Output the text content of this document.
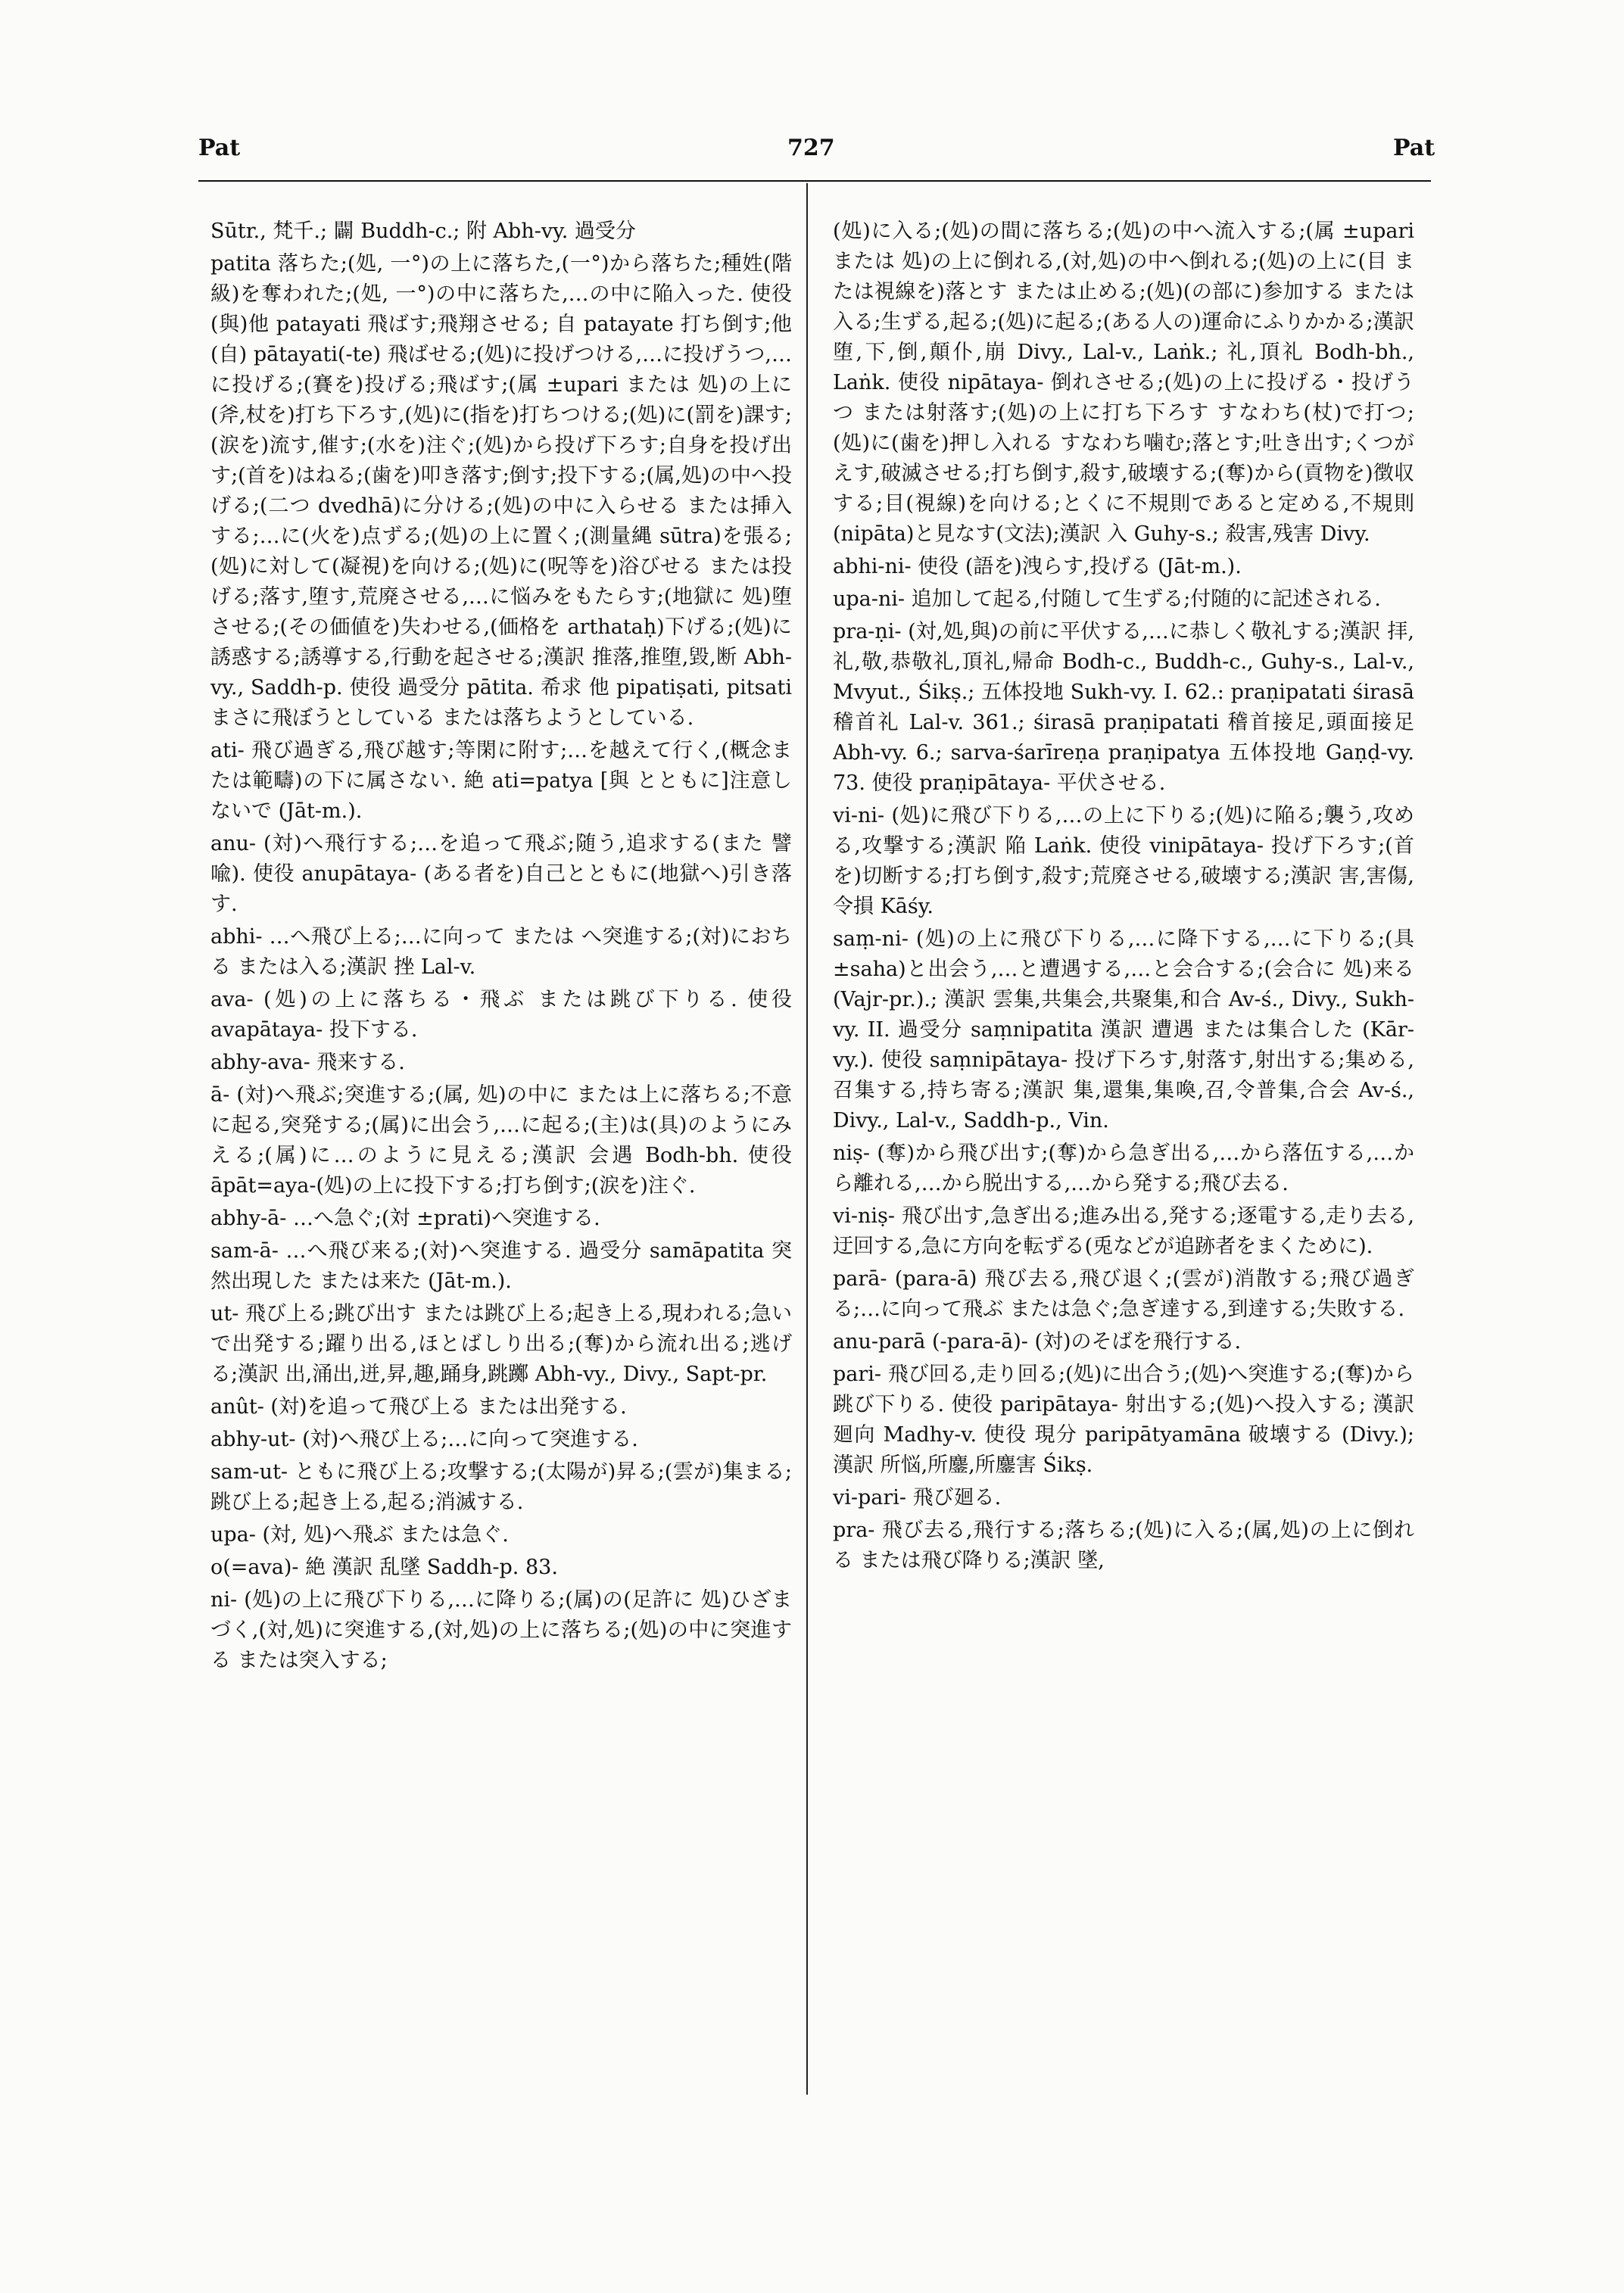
Pat	727	Pat

Sūtr., 梵千.; 闢 Buddh-c.; 附 Abh-vy. 過受分

patita 落ちた;(処, 一°)の上に落ちた,(一°)から落ちた;種姓(階級)を奪われた;(処, 一°)の中に落ちた,…の中に陥入った. 使役 (與)他 patayati 飛ばす;飛翔させる; 自 patayate 打ち倒す;他 (自) pātayati(-te) 飛ばせる;(処)に投げつける,…に投げうつ,…に投げる;(賽を)投げる;飛ばす;(属 ±upari または 処)の上に(斧,杖を)打ち下ろす,(処)に(指を)打ちつける;(処)に(罰を)課す;(涙を)流す,催す;(水を)注ぐ;(処)から投げ下ろす;自身を投げ出す;(首を)はねる;(歯を)叩き落す;倒す;投下する;(属,処)の中へ投げる;(二つ dvedhā)に分ける;(処)の中に入らせる または挿入する;…に(火を)点ずる;(処)の上に置く;(測量縄 sūtra)を張る;(処)に対して(凝視)を向ける;(処)に(呪等を)浴びせる または投げる;落す,堕す,荒廃させる,…に悩みをもたらす;(地獄に 処)堕させる;(その価値を)失わせる,(価格を arthataḥ)下げる;(処)に誘惑する;誘導する,行動を起させる;漢訳 推落,推堕,毀,断 Abh-vy., Saddh-p. 使役 過受分 pātita. 希求 他 pipatiṣati, pitsati まさに飛ぼうとしている または落ちようとしている.

ati- 飛び過ぎる,飛び越す;等閑に附す;…を越えて行く,(概念または範疇)の下に属さない. 絶 ati=patya [與 とともに]注意しないで (Jāt-m.).

anu- (対)へ飛行する;…を追って飛ぶ;随う,追求する(また 譬喩). 使役 anupātaya- (ある者を)自己とともに(地獄へ)引き落す.

abhi- …へ飛び上る;…に向って または へ突進する;(対)におちる または入る;漢訳 挫 Lal-v.

ava- (処)の上に落ちる・飛ぶ または跳び下りる. 使役 avapātaya- 投下する.

abhy-ava- 飛来する.

ā- (対)へ飛ぶ;突進する;(属, 処)の中に または上に落ちる;不意に起る,突発する;(属)に出会う,…に起る;(主)は(具)のようにみえる;(属)に…のように見える;漢訳 会遇 Bodh-bh. 使役 āpāt=aya-(処)の上に投下する;打ち倒す;(涙を)注ぐ.

abhy-ā- …へ急ぐ;(対 ±prati)へ突進する.

sam-ā- …へ飛び来る;(対)へ突進する. 過受分 samāpatita 突然出現した または来た (Jāt-m.).

ut- 飛び上る;跳び出す または跳び上る;起き上る,現われる;急いで出発する;躍り出る,ほとばしり出る;(奪)から流れ出る;逃げる;漢訳 出,涌出,迸,昇,趣,踊身,跳躑 Abh-vy., Divy., Sapt-pr.

anût- (対)を追って飛び上る または出発する.

abhy-ut- (対)へ飛び上る;…に向って突進する.

sam-ut- ともに飛び上る;攻撃する;(太陽が)昇る;(雲が)集まる;跳び上る;起き上る,起る;消滅する.

upa- (対, 処)へ飛ぶ または急ぐ.

o(=ava)- 絶 漢訳 乱墜 Saddh-p. 83.

ni- (処)の上に飛び下りる,…に降りる;(属)の(足許に 処)ひざまづく,(対,処)に突進する,(対,処)の上に落ちる;(処)の中に突進する または突入する;

(処)に入る;(処)の間に落ちる;(処)の中へ流入する;(属 ±upari または 処)の上に倒れる,(対,処)の中へ倒れる;(処)の上に(目 または視線を)落とす または止める;(処)(の部に)参加する または入る;生ずる,起る;(処)に起る;(ある人の)運命にふりかかる;漢訳 堕,下,倒,顛仆,崩 Divy., Lal-v., Laṅk.; 礼,頂礼 Bodh-bh., Laṅk. 使役 nipātaya- 倒れさせる;(処)の上に投げる・投げうつ または射落す;(処)の上に打ち下ろす すなわち(杖)で打つ;(処)に(歯を)押し入れる すなわち噛む;落とす;吐き出す;くつがえす,破滅させる;打ち倒す,殺す,破壊する;(奪)から(貢物を)徴収する;目(視線)を向ける;とくに不規則であると定める,不規則(nipāta)と見なす(文法);漢訳 入 Guhy-s.; 殺害,残害 Divy.

abhi-ni- 使役 (語を)洩らす,投げる (Jāt-m.).

upa-ni- 追加して起る,付随して生ずる;付随的に記述される.

pra-ṇi- (対,処,與)の前に平伏する,…に恭しく敬礼する;漢訳 拝,礼,敬,恭敬礼,頂礼,帰命 Bodh-c., Buddh-c., Guhy-s., Lal-v., Mvyut., Śikṣ.; 五体投地 Sukh-vy. I. 62.: praṇipatati śirasā 稽首礼 Lal-v. 361.; śirasā praṇipatati 稽首接足,頭面接足 Abh-vy. 6.; sarva-śarīreṇa praṇipatya 五体投地 Gaṇḍ-vy. 73. 使役 praṇipātaya- 平伏させる.

vi-ni- (処)に飛び下りる,…の上に下りる;(処)に陥る;襲う,攻める,攻撃する;漢訳 陥 Laṅk. 使役 vinipātaya- 投げ下ろす;(首を)切断する;打ち倒す,殺す;荒廃させる,破壊する;漢訳 害,害傷,令損 Kāśy.

saṃ-ni- (処)の上に飛び下りる,…に降下する,…に下りる;(具 ±saha)と出会う,…と遭遇する,…と会合する;(会合に 処)来る (Vajr-pr.).; 漢訳 雲集,共集会,共聚集,和合 Av-ś., Divy., Sukh-vy. II. 過受分 saṃnipatita 漢訳 遭遇 または集合した (Kār-vy.). 使役 saṃnipātaya- 投げ下ろす,射落す,射出する;集める,召集する,持ち寄る;漢訳 集,還集,集喚,召,令普集,合会 Av-ś., Divy., Lal-v., Saddh-p., Vin.

niṣ- (奪)から飛び出す;(奪)から急ぎ出る,…から落伍する,…から離れる,…から脱出する,…から発する;飛び去る.

vi-niṣ- 飛び出す,急ぎ出る;進み出る,発する;逐電する,走り去る,迂回する,急に方向を転ずる(兎などが追跡者をまくために).

parā- (para-ā) 飛び去る,飛び退く;(雲が)消散する;飛び過ぎる;…に向って飛ぶ または急ぐ;急ぎ達する,到達する;失敗する.

anu-parā (-para-ā)- (対)のそばを飛行する.

pari- 飛び回る,走り回る;(処)に出合う;(処)へ突進する;(奪)から跳び下りる. 使役 paripātaya- 射出する;(処)へ投入する; 漢訳 廻向 Madhy-v. 使役 現分 paripātyamāna 破壊する (Divy.); 漢訳 所悩,所鏖,所鏖害 Śikṣ.

vi-pari- 飛び廻る.

pra- 飛び去る,飛行する;落ちる;(処)に入る;(属,処)の上に倒れる または飛び降りる;漢訳 墜,
